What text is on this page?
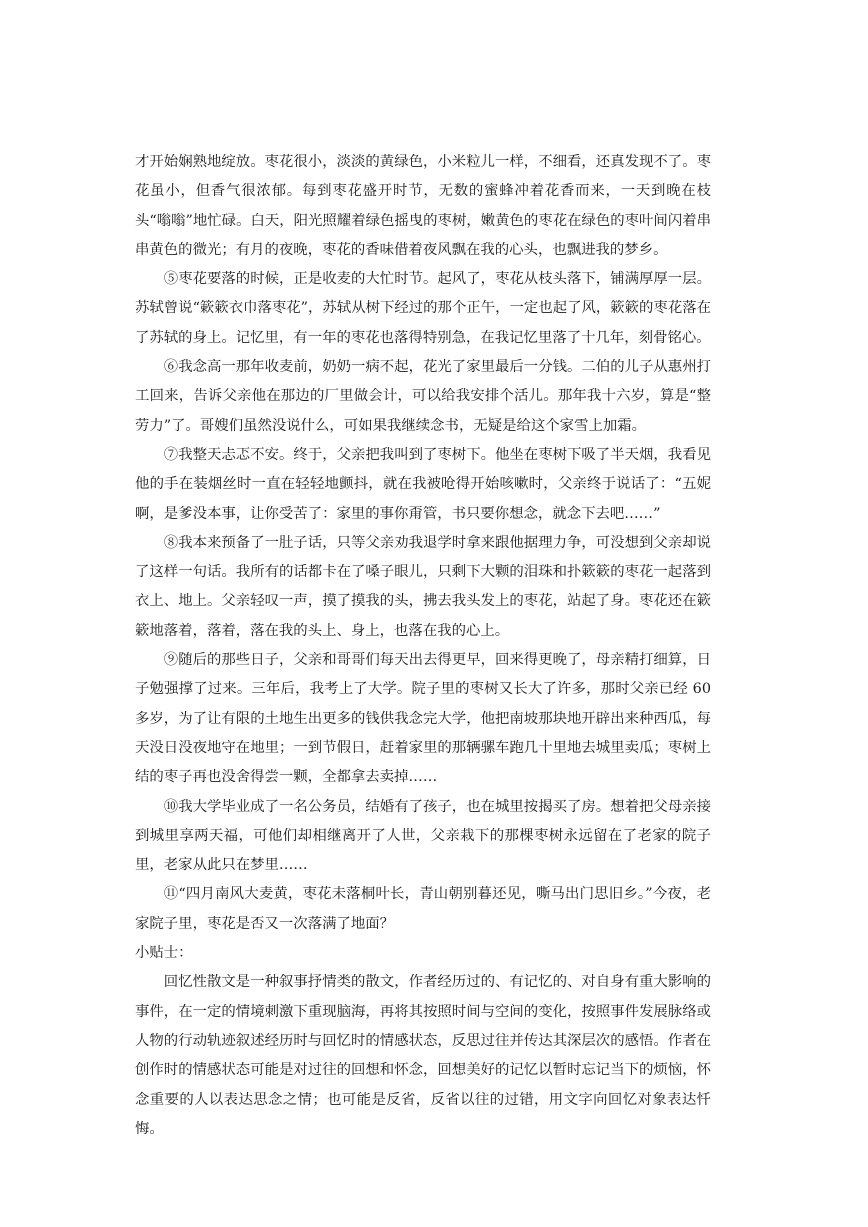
才开始娴熟地绽放。枣花很小，淡淡的黄绿色，小米粒儿一样，不细看，还真发现不了。枣花虽小，但香气很浓郁。每到枣花盛开时节，无数的蜜蜂冲着花香而来，一天到晚在枝头“嗡嗡”地忙碌。白天，阳光照耀着绿色摇曳的枣树，嫩黄色的枣花在绿色的枣叶间闪着串串黄色的微光；有月的夜晚，枣花的香味借着夜风飘在我的心头，也飘进我的梦乡。

⑤枣花要落的时候，正是收麦的大忙时节。起风了，枣花从枝头落下，铺满厚厚一层。苏轼曾说“簌簌衣巾落枣花”，苏轼从树下经过的那个正午，一定也起了风，簌簌的枣花落在了苏轼的身上。记忆里，有一年的枣花也落得特别急，在我记忆里落了十几年，刻骨铭心。

⑥我念高一那年收麦前，奶奶一病不起，花光了家里最后一分钱。二伯的儿子从惠州打工回来，告诉父亲他在那边的厂里做会计，可以给我安排个活儿。那年我十六岁，算是“整劳力”了。哥嫂们虽然没说什么，可如果我继续念书，无疑是给这个家雪上加霜。

⑦我整天忐忑不安。终于，父亲把我叫到了枣树下。他坐在枣树下吸了半天烟，我看见他的手在装烟丝时一直在轻轻地颤抖，就在我被呛得开始咳嗽时，父亲终于说话了：“五妮啊，是爹没本事，让你受苦了：家里的事你甭管，书只要你想念，就念下去吧……”

⑧我本来预备了一肚子话，只等父亲劝我退学时拿来跟他据理力争，可没想到父亲却说了这样一句话。我所有的话都卡在了嗓子眼儿，只剩下大颗的泪珠和扑簌簌的枣花一起落到衣上、地上。父亲轻叹一声，摸了摸我的头，拂去我头发上的枣花，站起了身。枣花还在簌簌地落着，落着，落在我的头上、身上，也落在我的心上。

⑨随后的那些日子，父亲和哥哥们每天出去得更早，回来得更晚了，母亲精打细算，日子勉强撑了过来。三年后，我考上了大学。院子里的枣树又长大了许多，那时父亲已经 60 多岁，为了让有限的土地生出更多的钱供我念完大学，他把南坡那块地开辟出来种西瓜，每天没日没夜地守在地里；一到节假日，赶着家里的那辆骡车跑几十里地去城里卖瓜；枣树上结的枣子再也没舍得尝一颗，全都拿去卖掉……

⑩我大学毕业成了一名公务员，结婚有了孩子，也在城里按揭买了房。想着把父母亲接到城里享两天福，可他们却相继离开了人世，父亲栽下的那棵枣树永远留在了老家的院子里，老家从此只在梦里……

⑪“四月南风大麦黄，枣花未落桐叶长，青山朝别暮还见，嘶马出门思旧乡。”今夜，老家院子里，枣花是否又一次落满了地面？

小贴士：

回忆性散文是一种叙事抒情类的散文，作者经历过的、有记忆的、对自身有重大影响的事件，在一定的情境刺激下重现脑海，再将其按照时间与空间的变化，按照事件发展脉络或人物的行动轨迹叙述经历时与回忆时的情感状态，反思过往并传达其深层次的感悟。作者在创作时的情感状态可能是对过往的回想和怀念，回想美好的记忆以暂时忘记当下的烦恼，怀念重要的人以表达思念之情；也可能是反省，反省以往的过错，用文字向回忆对象表达忏悔。
